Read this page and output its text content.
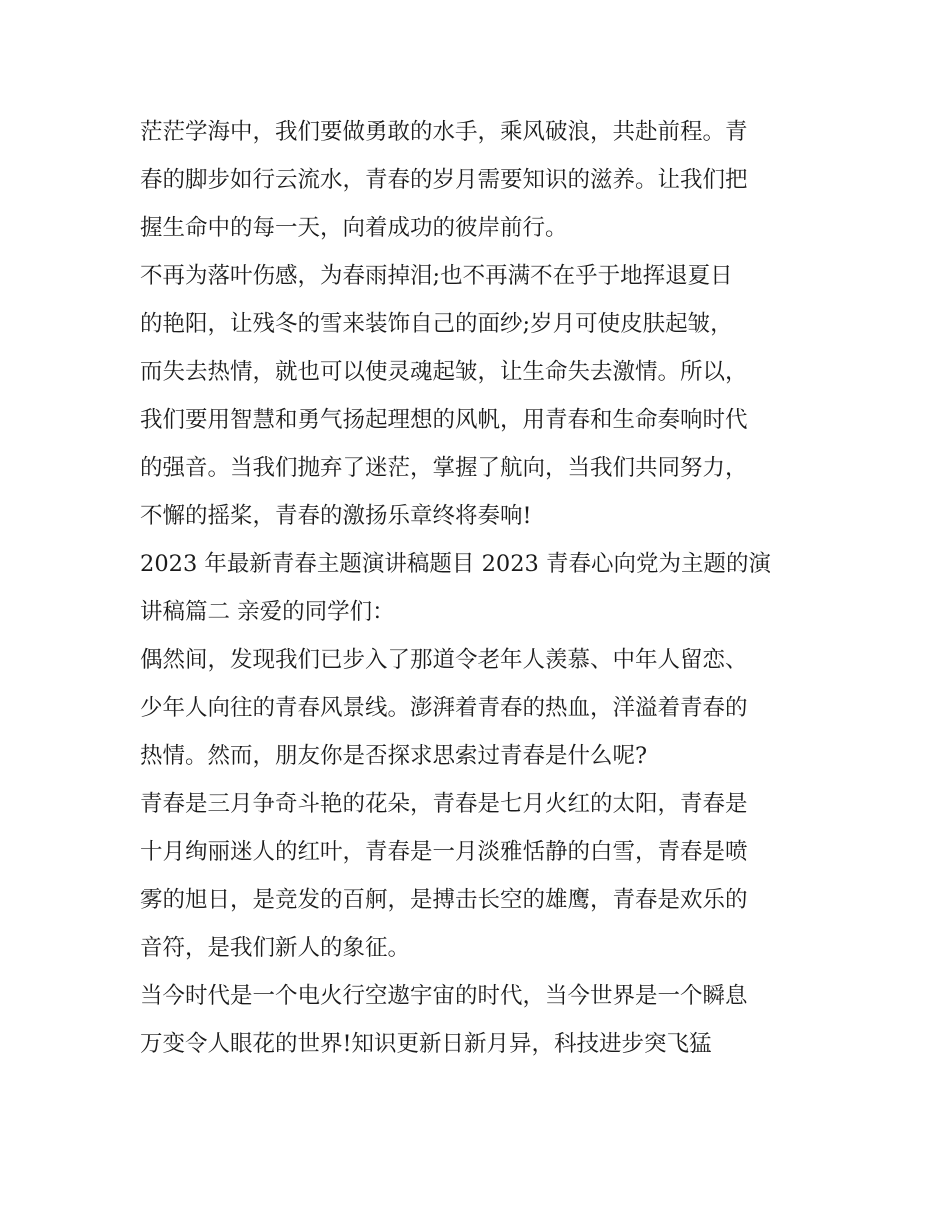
茫茫学海中，我们要做勇敢的水手，乘风破浪，共赴前程。青
春的脚步如行云流水，青春的岁月需要知识的滋养。让我们把
握生命中的每一天，向着成功的彼岸前行。
不再为落叶伤感，为春雨掉泪;也不再满不在乎于地挥退夏日
的艳阳，让残冬的雪来装饰自己的面纱;岁月可使皮肤起皱，
而失去热情，就也可以使灵魂起皱，让生命失去激情。所以，
我们要用智慧和勇气扬起理想的风帆，用青春和生命奏响时代
的强音。当我们抛弃了迷茫，掌握了航向，当我们共同努力，
不懈的摇桨，青春的激扬乐章终将奏响!
2023 年最新青春主题演讲稿题目 2023 青春心向党为主题的演
讲稿篇二 亲爱的同学们：
偶然间，发现我们已步入了那道令老年人羡慕、中年人留恋、
少年人向往的青春风景线。澎湃着青春的热血，洋溢着青春的
热情。然而，朋友你是否探求思索过青春是什么呢?
青春是三月争奇斗艳的花朵，青春是七月火红的太阳，青春是
十月绚丽迷人的红叶，青春是一月淡雅恬静的白雪，青春是喷
雾的旭日，是竞发的百舸，是搏击长空的雄鹰，青春是欢乐的
音符，是我们新人的象征。
当今时代是一个电火行空遨宇宙的时代，当今世界是一个瞬息
万变令人眼花的世界!知识更新日新月异，科技进步突飞猛
